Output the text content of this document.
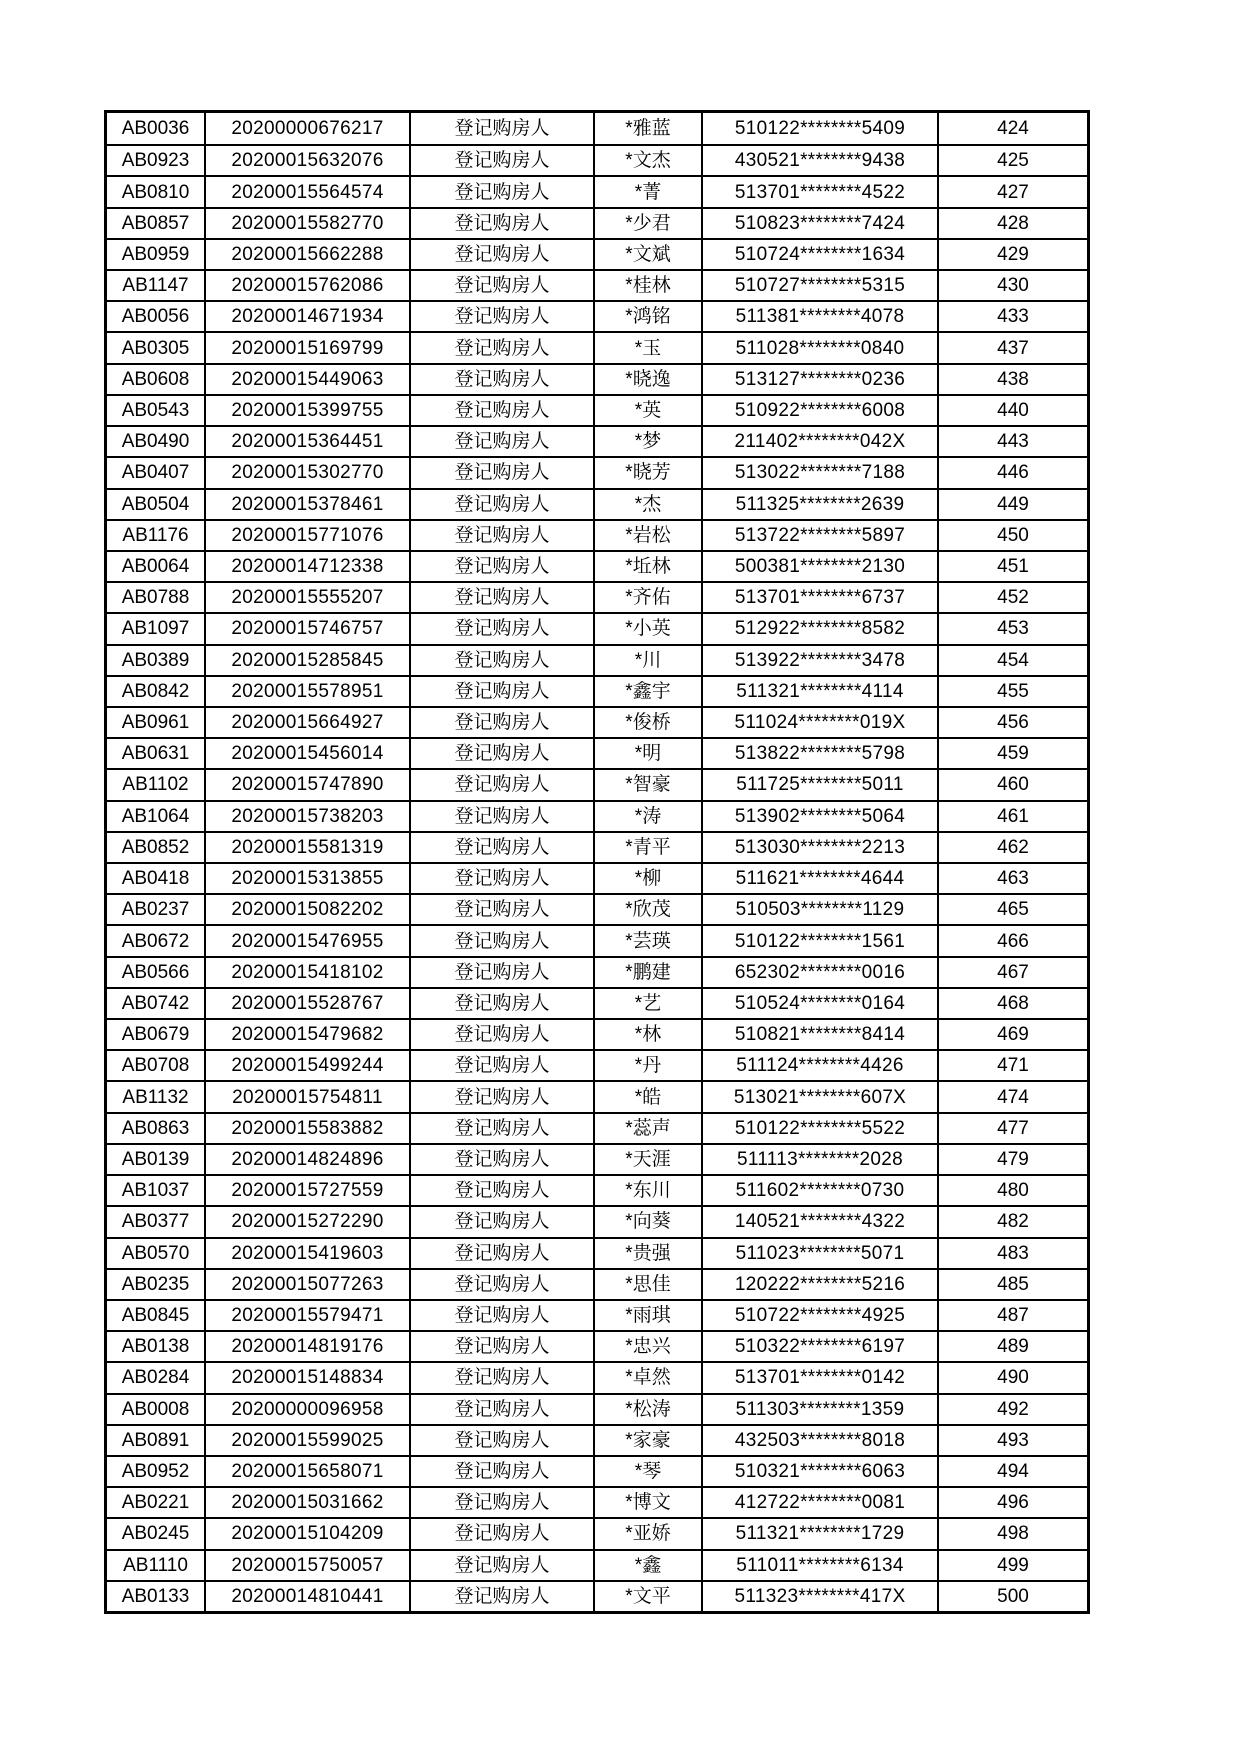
AB0036	20200000676217	登记购房人	*雅蓝	510122********5409	424
AB0923	20200015632076	登记购房人	*文杰	430521********9438	425
AB0810	20200015564574	登记购房人	*菁	513701********4522	427
AB0857	20200015582770	登记购房人	*少君	510823********7424	428
AB0959	20200015662288	登记购房人	*文斌	510724********1634	429
AB1147	20200015762086	登记购房人	*桂林	510727********5315	430
AB0056	20200014671934	登记购房人	*鸿铭	511381********4078	433
AB0305	20200015169799	登记购房人	*玉	511028********0840	437
AB0608	20200015449063	登记购房人	*晓逸	513127********0236	438
AB0543	20200015399755	登记购房人	*英	510922********6008	440
AB0490	20200015364451	登记购房人	*梦	211402********042X	443
AB0407	20200015302770	登记购房人	*晓芳	513022********7188	446
AB0504	20200015378461	登记购房人	*杰	511325********2639	449
AB1176	20200015771076	登记购房人	*岩松	513722********5897	450
AB0064	20200014712338	登记购房人	*坵林	500381********2130	451
AB0788	20200015555207	登记购房人	*齐佑	513701********6737	452
AB1097	20200015746757	登记购房人	*小英	512922********8582	453
AB0389	20200015285845	登记购房人	*川	513922********3478	454
AB0842	20200015578951	登记购房人	*鑫宇	511321********4114	455
AB0961	20200015664927	登记购房人	*俊桥	511024********019X	456
AB0631	20200015456014	登记购房人	*明	513822********5798	459
AB1102	20200015747890	登记购房人	*智豪	511725********5011	460
AB1064	20200015738203	登记购房人	*涛	513902********5064	461
AB0852	20200015581319	登记购房人	*青平	513030********2213	462
AB0418	20200015313855	登记购房人	*柳	511621********4644	463
AB0237	20200015082202	登记购房人	*欣茂	510503********1129	465
AB0672	20200015476955	登记购房人	*芸瑛	510122********1561	466
AB0566	20200015418102	登记购房人	*鹏建	652302********0016	467
AB0742	20200015528767	登记购房人	*艺	510524********0164	468
AB0679	20200015479682	登记购房人	*林	510821********8414	469
AB0708	20200015499244	登记购房人	*丹	511124********4426	471
AB1132	20200015754811	登记购房人	*皓	513021********607X	474
AB0863	20200015583882	登记购房人	*蕊声	510122********5522	477
AB0139	20200014824896	登记购房人	*天涯	511113********2028	479
AB1037	20200015727559	登记购房人	*东川	511602********0730	480
AB0377	20200015272290	登记购房人	*向葵	140521********4322	482
AB0570	20200015419603	登记购房人	*贵强	511023********5071	483
AB0235	20200015077263	登记购房人	*思佳	120222********5216	485
AB0845	20200015579471	登记购房人	*雨琪	510722********4925	487
AB0138	20200014819176	登记购房人	*忠兴	510322********6197	489
AB0284	20200015148834	登记购房人	*卓然	513701********0142	490
AB0008	20200000096958	登记购房人	*松涛	511303********1359	492
AB0891	20200015599025	登记购房人	*家豪	432503********8018	493
AB0952	20200015658071	登记购房人	*琴	510321********6063	494
AB0221	20200015031662	登记购房人	*博文	412722********0081	496
AB0245	20200015104209	登记购房人	*亚娇	511321********1729	498
AB1110	20200015750057	登记购房人	*鑫	511011********6134	499
AB0133	20200014810441	登记购房人	*文平	511323********417X	500
